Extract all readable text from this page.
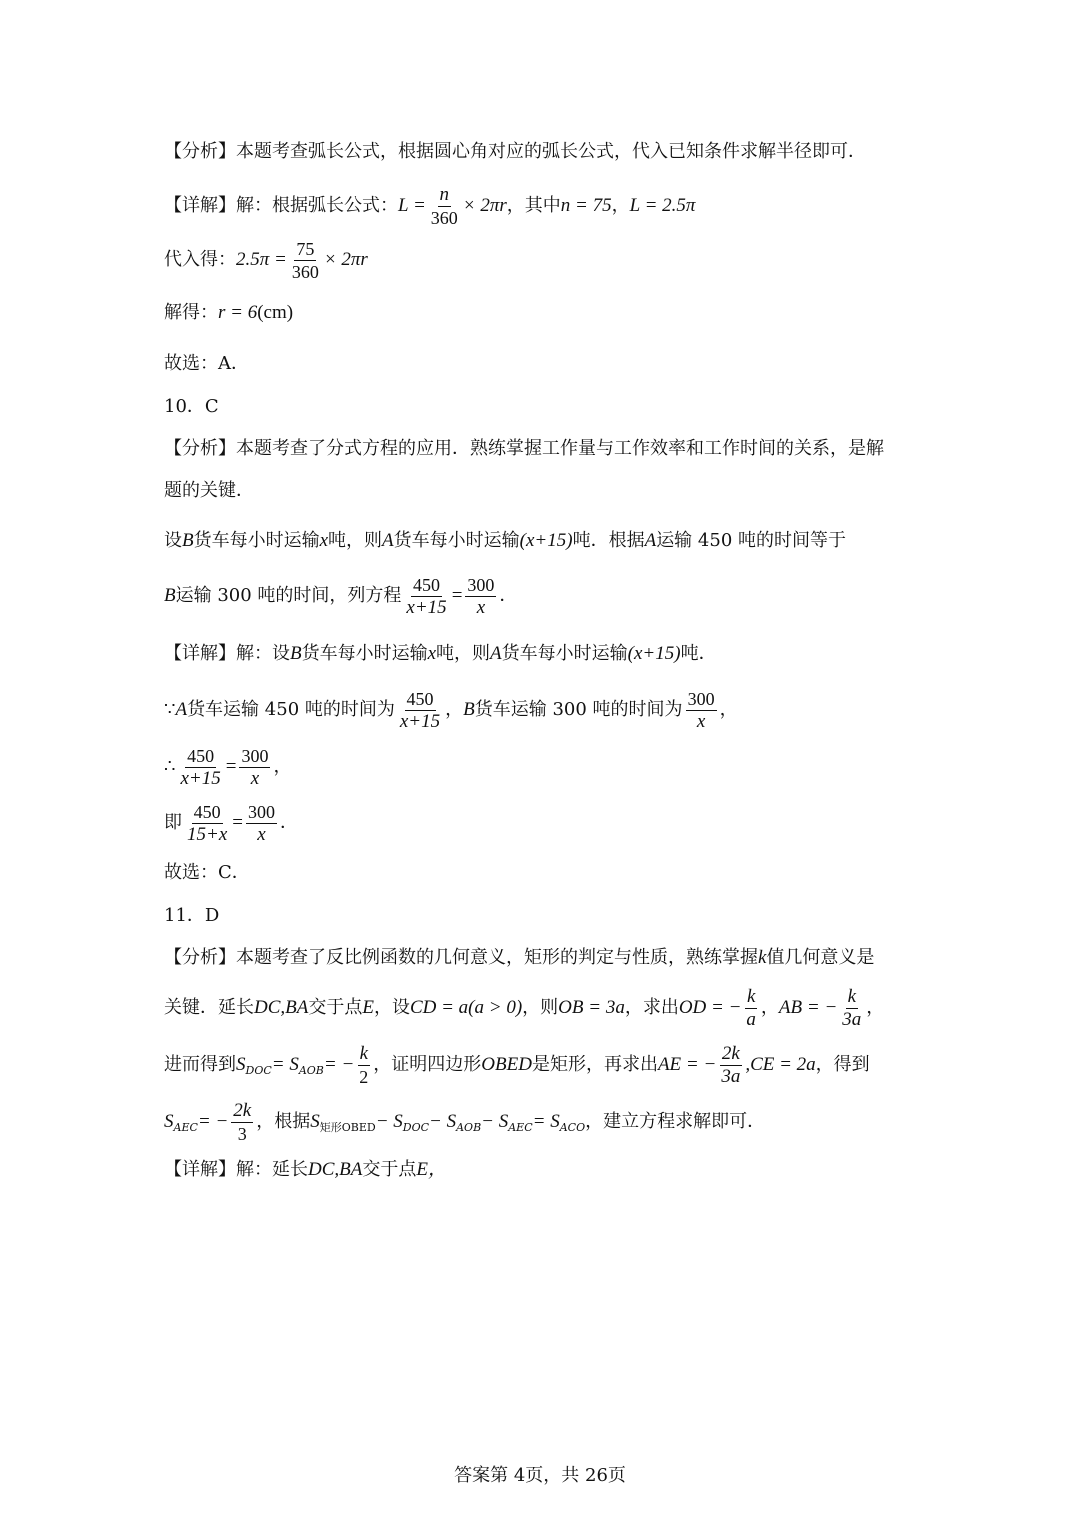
【分析】本题考查弧长公式，根据圆心角对应的弧长公式，代入已知条件求解半径即可．
【详解】解：根据弧长公式： $L = \frac{n}{360} \times 2\pi r$ ，其中 n = 75 ， L = 2.5π
代入得： $2.5\pi = \frac{75}{360} \times 2\pi r$
解得： r = 6 (cm)
故选：A．
10．C
【分析】本题考查了分式方程的应用．熟练掌握工作量与工作效率和工作时间的关系，是解
题的关键．
设 B 货车每小时运输 x 吨，则 A 货车每小时运输 (x+15) 吨．根据 A 运输 450 吨的时间等于
B 运输 300 吨的时间，列方程 $\frac{450}{x+15} = \frac{300}{x}$ ．
【详解】解：设 B 货车每小时运输 x 吨，则 A 货车每小时运输 (x+15) 吨．
∵ A 货车运输 450 吨的时间为 $\frac{450}{x+15}$ ， B 货车运输 300 吨的时间为 $\frac{300}{x}$ ，
∴ $\frac{450}{x+15} = \frac{300}{x}$ ，
即 $\frac{450}{15+x} = \frac{300}{x}$ ．
故选：C．
11．D
【分析】本题考查了反比例函数的几何意义，矩形的判定与性质，熟练掌握 k 值几何意义是
关键．延长 DC,BA 交于点 E ，设 CD = a(a > 0) ，则 OB = 3a ，求出 OD = − $\frac{k}{a}$ ， AB = − $\frac{k}{3a}$ ，
进而得到 S DOC = S AOB = − $\frac{k}{2}$ ，证明四边形 OBED 是矩形，再求出 AE = − $\frac{2k}{3a} ,CE = 2a$ ，得到
S AEC = − $\frac{2k}{3}$ ，根据 S 矩形OBED − S DOC − S AOB − S AEC = S ACO ，建立方程求解即可．
【详解】解：延长 DC,BA 交于点 E，
答案第 4页，共 26页
